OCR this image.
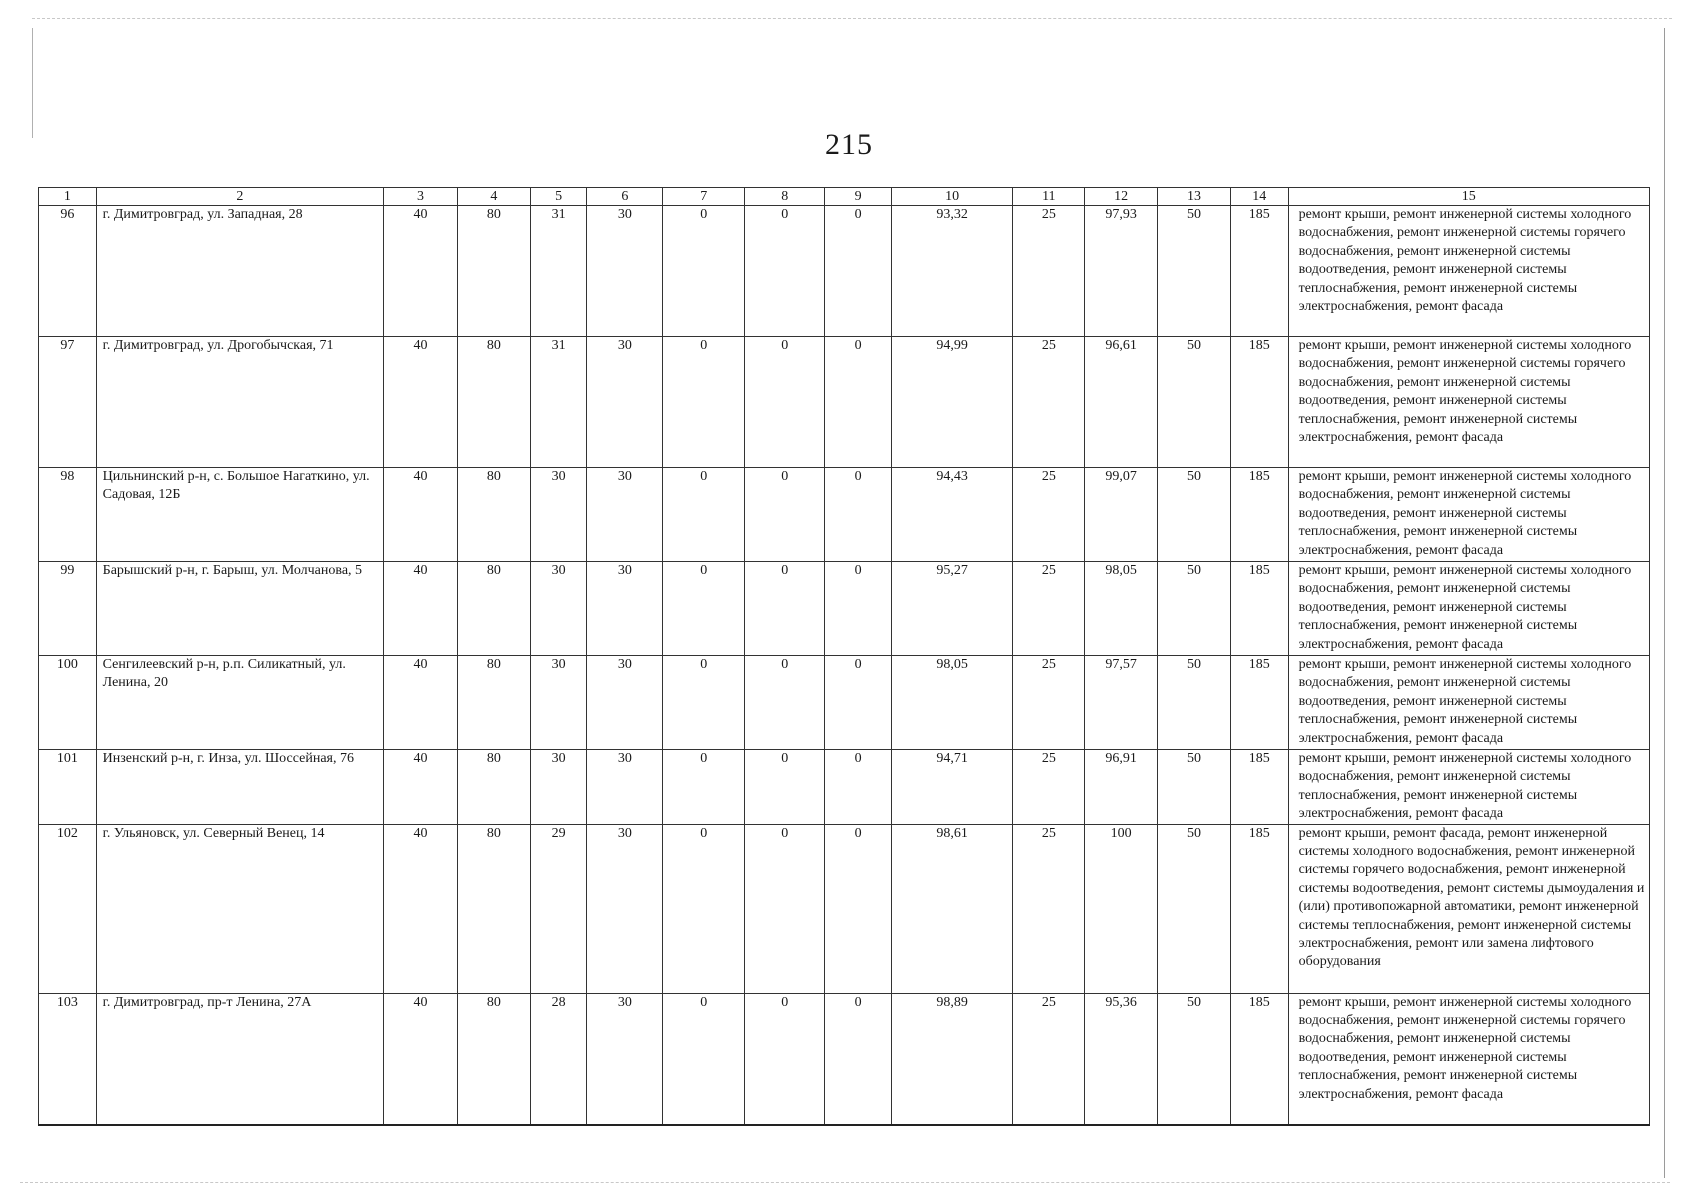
215
1	2	3	4	5	6	7	8	9	10	11	12	13	14	15
96	г. Димитровград, ул. Западная, 28	40	80	31	30	0	0	0	93,32	25	97,93	50	185	ремонт крыши, ремонт инженерной системы холодного водоснабжения, ремонт инженерной системы горячего водоснабжения, ремонт инженерной системы водоотведения, ремонт инженерной системы теплоснабжения, ремонт инженерной системы электроснабжения, ремонт фасада
97	г. Димитровград, ул. Дрогобычская, 71	40	80	31	30	0	0	0	94,99	25	96,61	50	185	ремонт крыши, ремонт инженерной системы холодного водоснабжения, ремонт инженерной системы горячего водоснабжения, ремонт инженерной системы водоотведения, ремонт инженерной системы теплоснабжения, ремонт инженерной системы электроснабжения, ремонт фасада
98	Цильнинский р-н, с. Большое Нагаткино, ул. Садовая, 12Б	40	80	30	30	0	0	0	94,43	25	99,07	50	185	ремонт крыши, ремонт инженерной системы холодного водоснабжения, ремонт инженерной системы водоотведения, ремонт инженерной системы теплоснабжения, ремонт инженерной системы электроснабжения, ремонт фасада
99	Барышский р-н, г. Барыш, ул. Молчанова, 5	40	80	30	30	0	0	0	95,27	25	98,05	50	185	ремонт крыши, ремонт инженерной системы холодного водоснабжения, ремонт инженерной системы водоотведения, ремонт инженерной системы теплоснабжения, ремонт инженерной системы электроснабжения, ремонт фасада
100	Сенгилеевский р-н, р.п. Силикатный, ул. Ленина, 20	40	80	30	30	0	0	0	98,05	25	97,57	50	185	ремонт крыши, ремонт инженерной системы холодного водоснабжения, ремонт инженерной системы водоотведения, ремонт инженерной системы теплоснабжения, ремонт инженерной системы электроснабжения, ремонт фасада
101	Инзенский р-н, г. Инза, ул. Шоссейная, 76	40	80	30	30	0	0	0	94,71	25	96,91	50	185	ремонт крыши, ремонт инженерной системы холодного водоснабжения, ремонт инженерной системы теплоснабжения, ремонт инженерной системы электроснабжения, ремонт фасада
102	г. Ульяновск, ул. Северный Венец, 14	40	80	29	30	0	0	0	98,61	25	100	50	185	ремонт крыши, ремонт фасада, ремонт инженерной системы холодного водоснабжения, ремонт инженерной системы горячего водоснабжения, ремонт инженерной системы водоотведения, ремонт системы дымоудаления и (или) противопожарной автоматики, ремонт инженерной системы теплоснабжения, ремонт инженерной системы электроснабжения, ремонт или замена лифтового оборудования
103	г. Димитровград, пр-т Ленина, 27А	40	80	28	30	0	0	0	98,89	25	95,36	50	185	ремонт крыши, ремонт инженерной системы холодного водоснабжения, ремонт инженерной системы горячего водоснабжения, ремонт инженерной системы водоотведения, ремонт инженерной системы теплоснабжения, ремонт инженерной системы электроснабжения, ремонт фасада
